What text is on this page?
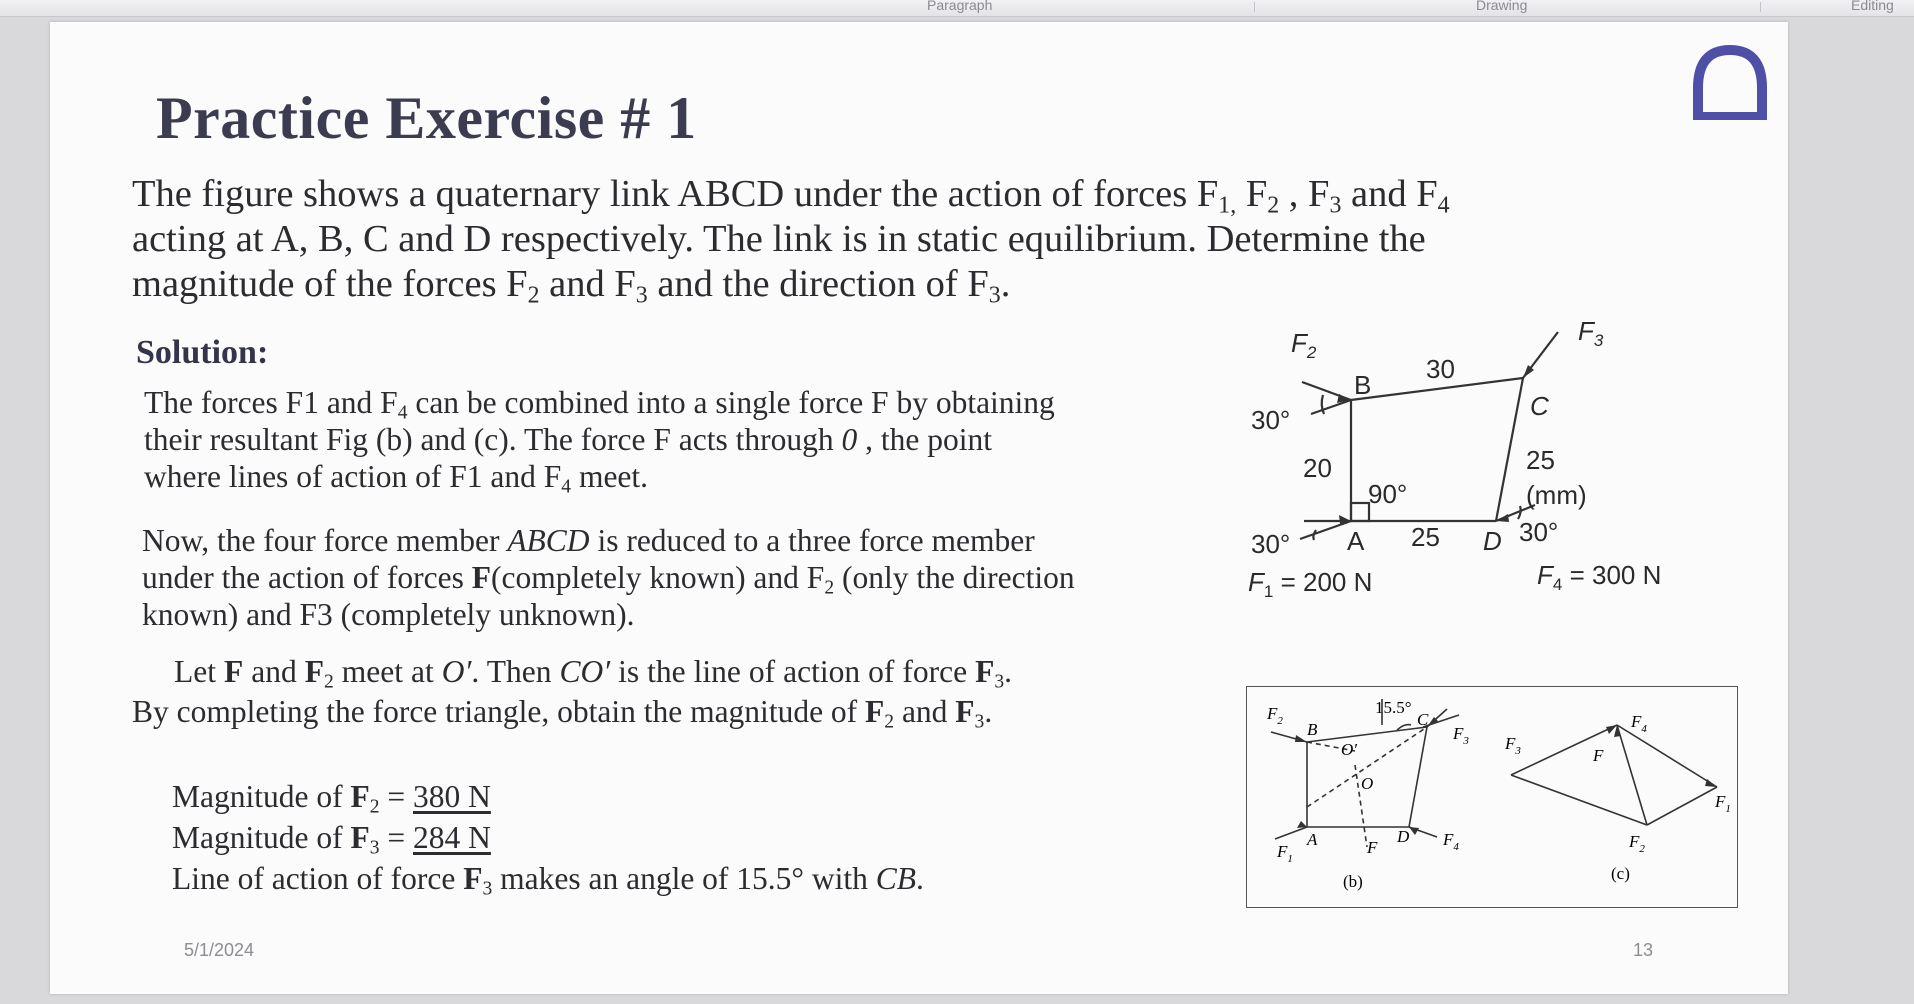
Paragraph	Drawing	Editing
Practice Exercise # 1
The figure shows a quaternary link ABCD under the action of forces $F_{1,}$ $F_2$ , $F_3$ and $F_4$
acting at A, B, C and D respectively. The link is in static equilibrium. Determine the
magnitude of the forces $F_2$ and $F_3$ and the direction of $F_3$.
Solution:
The forces F1 and $F_4$ can be combined into a single force F by obtaining
their resultant Fig (b) and (c). The force F acts through 0 , the point
where lines of action of F1 and $F_4$ meet.
Now, the four force member ABCD is reduced to a three force member
under the action of forces F(completely known) and $F_2$ (only the direction
known) and F3 (completely unknown).
Let F and $F_2$ meet at O′. Then CO′ is the line of action of force $F_3$. By completing the force triangle, obtain the magnitude of $F_2$ and $F_3$.
Magnitude of $F_2 = 380$ N
Magnitude of $F_3 = 284$ N
Line of action of force $F_3$ makes an angle of 15.5° with CB.
$F_2$
$F_3$
B
C
A	D
30°
30
20	25
(mm)
90°
30°	25	30°
$F_1 = 200$ N	$F_4 = 300$ N
$F_2$ B
15.5°
C
$F_3$
O′
O
A	D
F	$F_4$
$F_1$
(b)
$F_3$	F
$F_4$
$F_1$
$F_2$
(c)
5/1/2024	13
